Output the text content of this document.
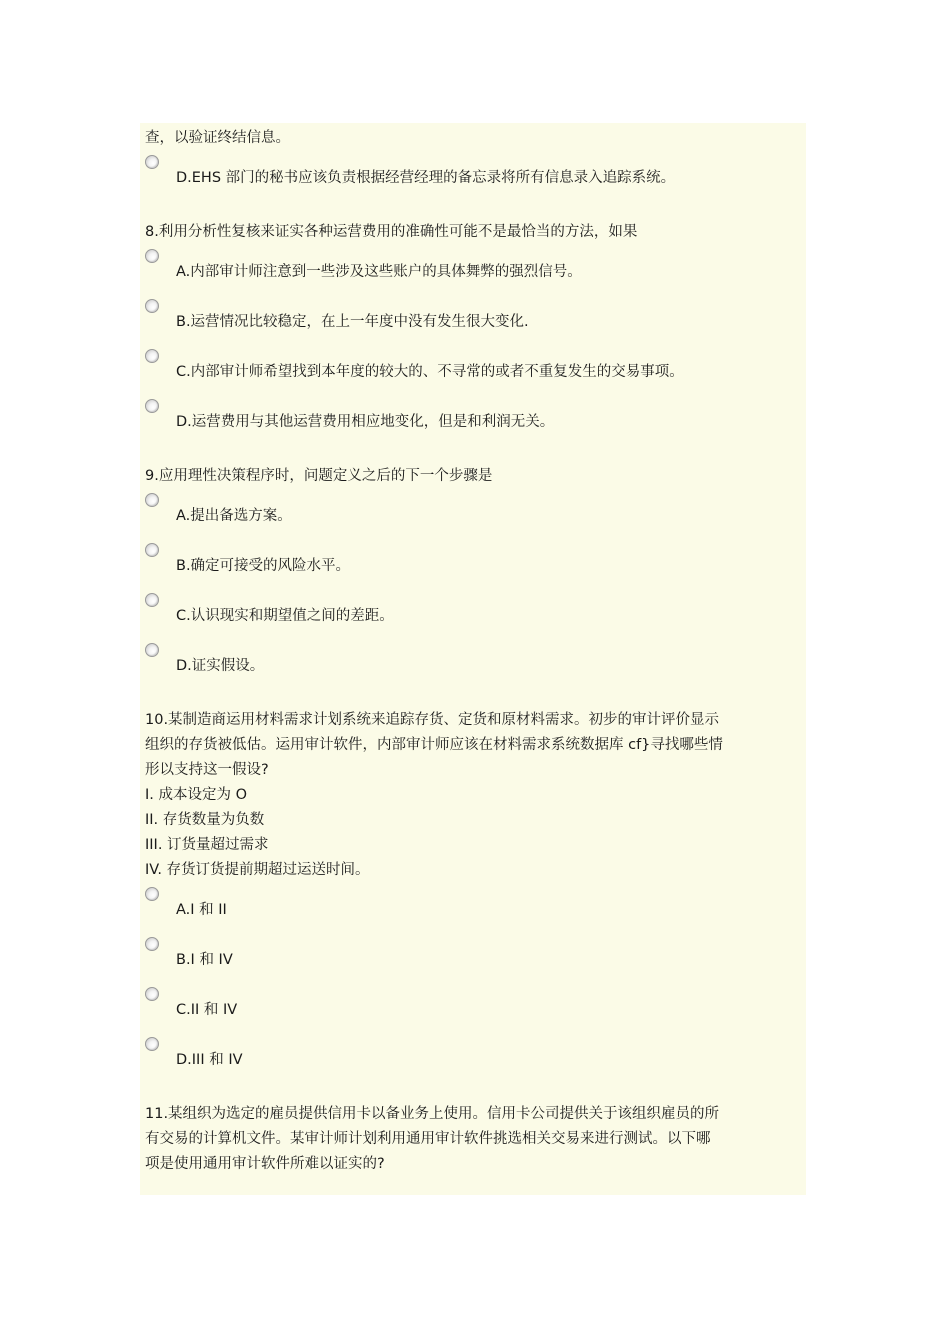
查，以验证终结信息。
D.EHS 部门的秘书应该负责根据经营经理的备忘录将所有信息录入追踪系统。
8.利用分析性复核来证实各种运营费用的准确性可能不是最恰当的方法，如果
A.内部审计师注意到一些涉及这些账户的具体舞弊的强烈信号。
B.运营情况比较稳定，在上一年度中没有发生很大变化.
C.内部审计师希望找到本年度的较大的、不寻常的或者不重复发生的交易事项。
D.运营费用与其他运营费用相应地变化，但是和利润无关。
9.应用理性决策程序时，问题定义之后的下一个步骤是
A.提出备选方案。
B.确定可接受的风险水平。
C.认识现实和期望值之间的差距。
D.证实假设。
10.某制造商运用材料需求计划系统来追踪存货、定货和原材料需求。初步的审计评价显示
组织的存货被低估。运用审计软件，内部审计师应该在材料需求系统数据库 cf}寻找哪些情
形以支持这一假设?
I. 成本设定为 O
II. 存货数量为负数
III. 订货量超过需求
IV. 存货订货提前期超过运送时间。
A.I 和 II
B.I 和 IV
C.II 和 IV
D.III 和 IV
11.某组织为选定的雇员提供信用卡以备业务上使用。信用卡公司提供关于该组织雇员的所
有交易的计算机文件。某审计师计划利用通用审计软件挑选相关交易来进行测试。以下哪
项是使用通用审计软件所难以证实的?
